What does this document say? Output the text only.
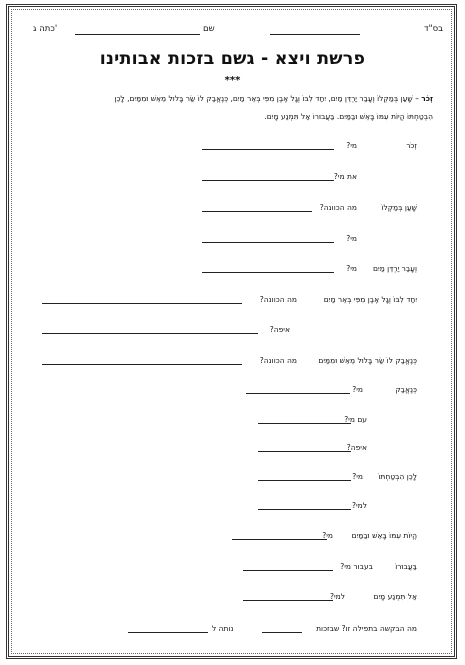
בס"ד
שם
כתה ג'
פרשת ויצא - גשם בזכות אבותינו
***
זְכֹר – שָׁעַן בְּמַקְלוֹ וְעָבַר יַרְדֵּן מַיִם, יִחַד לִבּוֹ וְגָל אֶבֶן מִפִּי בְּאֵר מַיִם, כְּנֶאֱבַק לוֹ שַׂר בָּלוּל מֵאֵשׁ וּמִמַּיִם, לָכֵן
הִבְטַחְתּוֹ הֱיוֹת עִמּוֹ בָּאֵשׁ וּבַמַּיִם. בַּעֲבוּרוֹ אַל תִּמְנַע מָיִם.
זְכֹר
מי?
את מי?
שָׁעַן בְּמַקְלוֹ
מה הכוונה?
מי?
וְעָבַר יַרְדֵּן מַיִם
מי?
יִחַד לִבּוֹ וְגָל אֶבֶן מִפִּי בְּאֵר מַיִם
מה הכוונה?
איפה?
כְּנֶאֱבַק לוֹ שַׂר בָּלוּל מֵאֵשׁ וּמִמַּיִם
מה הכוונה?
כְּנֶאֱבַק
מי?
עם מי?
איפה?
לָכֵן הִבְטַחְתּוֹ
מי?
למי?
הֱיוֹת עִמּוֹ בָּאֵשׁ וּבַמַּיִם
מי?
בַּעֲבוּרוֹ
בעבור מי?
אַל תִּמְנַע מָיִם
למי?
מה הבקשה בתפילה זו? שבזכות
נותה ל
